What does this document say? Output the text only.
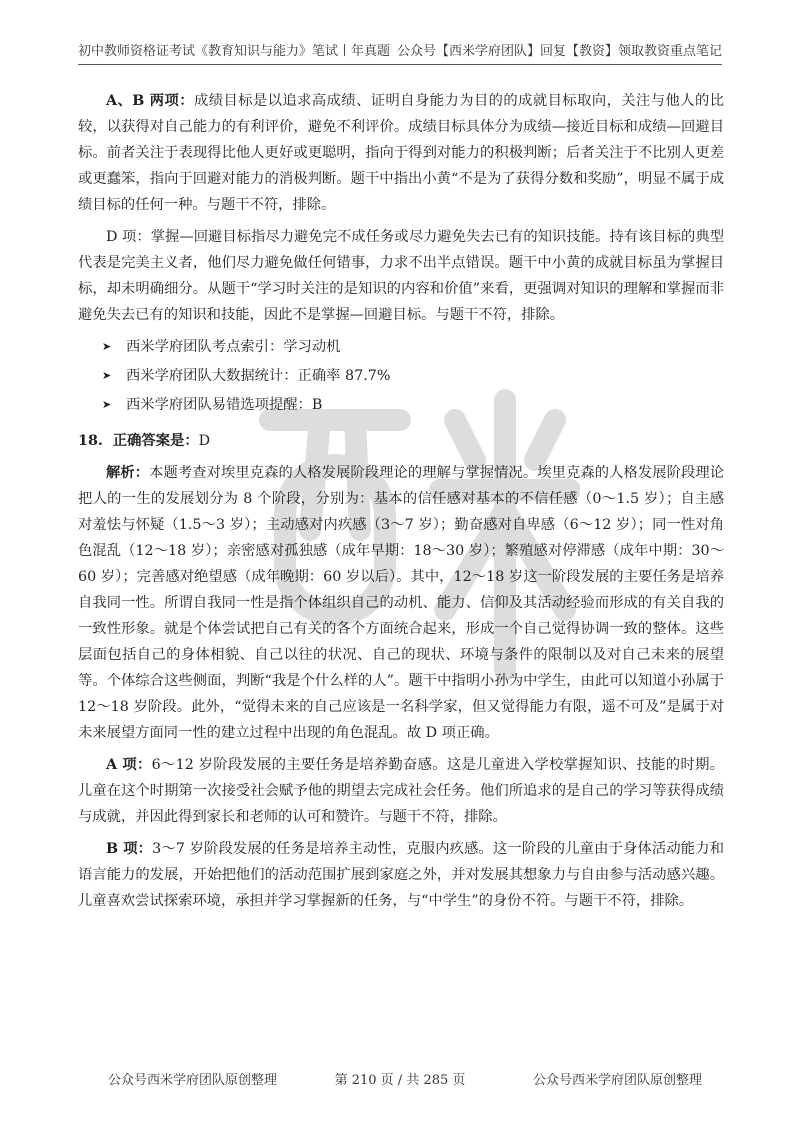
初中教师资格证考试《教育知识与能力》笔试丨年真题 公众号【西米学府团队】回复【教资】领取教资重点笔记

A、B 两项：成绩目标是以追求高成绩、证明自身能力为目的的成就目标取向，关注与他人的比较，以获得对自己能力的有利评价，避免不利评价。成绩目标具体分为成绩—接近目标和成绩—回避目标。前者关注于表现得比他人更好或更聪明，指向于得到对能力的积极判断；后者关注于不比别人更差或更蠢笨，指向于回避对能力的消极判断。题干中指出小黄“不是为了获得分数和奖励”，明显不属于成绩目标的任何一种。与题干不符，排除。

D 项：掌握—回避目标指尽力避免完不成任务或尽力避免失去已有的知识技能。持有该目标的典型代表是完美主义者，他们尽力避免做任何错事，力求不出半点错误。题干中小黄的成就目标虽为掌握目标，却未明确细分。从题干“学习时关注的是知识的内容和价值”来看，更强调对知识的理解和掌握而非避免失去已有的知识和技能，因此不是掌握—回避目标。与题干不符，排除。

➤ 西米学府团队考点索引：学习动机
➤ 西米学府团队大数据统计：正确率 87.7%
➤ 西米学府团队易错选项提醒：B
18. 正确答案是：D

解析：本题考查对埃里克森的人格发展阶段理论的理解与掌握情况。埃里克森的人格发展阶段理论把人的一生的发展划分为 8 个阶段，分别为：基本的信任感对基本的不信任感（0～1.5 岁）；自主感对羞怯与怀疑（1.5～3 岁）；主动感对内疚感（3～7 岁）；勤奋感对自卑感（6～12 岁）；同一性对角色混乱（12～18 岁）；亲密感对孤独感（成年早期：18～30 岁）；繁殖感对停滞感（成年中期：30～60 岁）；完善感对绝望感（成年晚期：60 岁以后）。其中，12～18 岁这一阶段发展的主要任务是培养自我同一性。所谓自我同一性是指个体组织自己的动机、能力、信仰及其活动经验而形成的有关自我的一致性形象。就是个体尝试把自己有关的各个方面统合起来，形成一个自己觉得协调一致的整体。这些层面包括自己的身体相貌、自己以往的状况、自己的现状、环境与条件的限制以及对自己未来的展望等。个体综合这些侧面，判断“我是个什么样的人”。题干中指明小孙为中学生，由此可以知道小孙属于 12～18 岁阶段。此外，“觉得未来的自己应该是一名科学家，但又觉得能力有限，遥不可及”是属于对未来展望方面同一性的建立过程中出现的角色混乱。故 D 项正确。

A 项：6～12 岁阶段发展的主要任务是培养勤奋感。这是儿童进入学校掌握知识、技能的时期。儿童在这个时期第一次接受社会赋予他的期望去完成社会任务。他们所追求的是自己的学习等获得成绩与成就，并因此得到家长和老师的认可和赞许。与题干不符，排除。

B 项：3～7 岁阶段发展的任务是培养主动性，克服内疚感。这一阶段的儿童由于身体活动能力和语言能力的发展，开始把他们的活动范围扩展到家庭之外，并对发展其想象力与自由参与活动感兴趣。儿童喜欢尝试探索环境，承担并学习掌握新的任务，与“中学生”的身份不符。与题干不符，排除。

公众号西米学府团队原创整理	第 210 页 / 共 285 页	公众号西米学府团队原创整理
